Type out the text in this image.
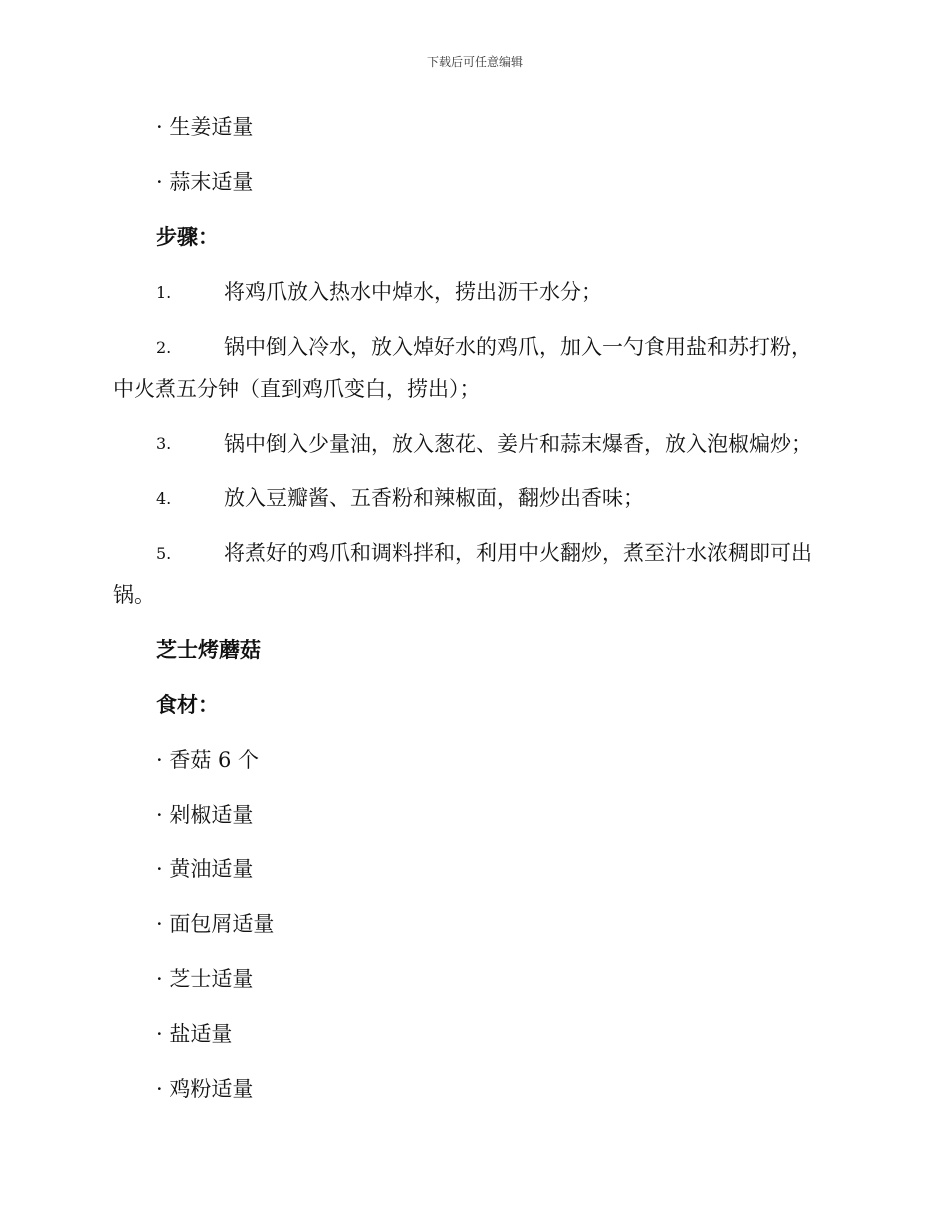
下载后可任意编辑
· 生姜适量
· 蒜末适量
步骤：
1.	将鸡爪放入热水中焯水，捞出沥干水分；
2.	锅中倒入冷水，放入焯好水的鸡爪，加入一勺食用盐和苏打粉，
中火煮五分钟（直到鸡爪变白，捞出）；
3.	锅中倒入少量油，放入葱花、姜片和蒜末爆香，放入泡椒煸炒；
4.	放入豆瓣酱、五香粉和辣椒面，翻炒出香味；
5.	将煮好的鸡爪和调料拌和，利用中火翻炒，煮至汁水浓稠即可出
锅。
芝士烤蘑菇
食材：
· 香菇 6 个
· 剁椒适量
· 黄油适量
· 面包屑适量
· 芝士适量
· 盐适量
· 鸡粉适量
